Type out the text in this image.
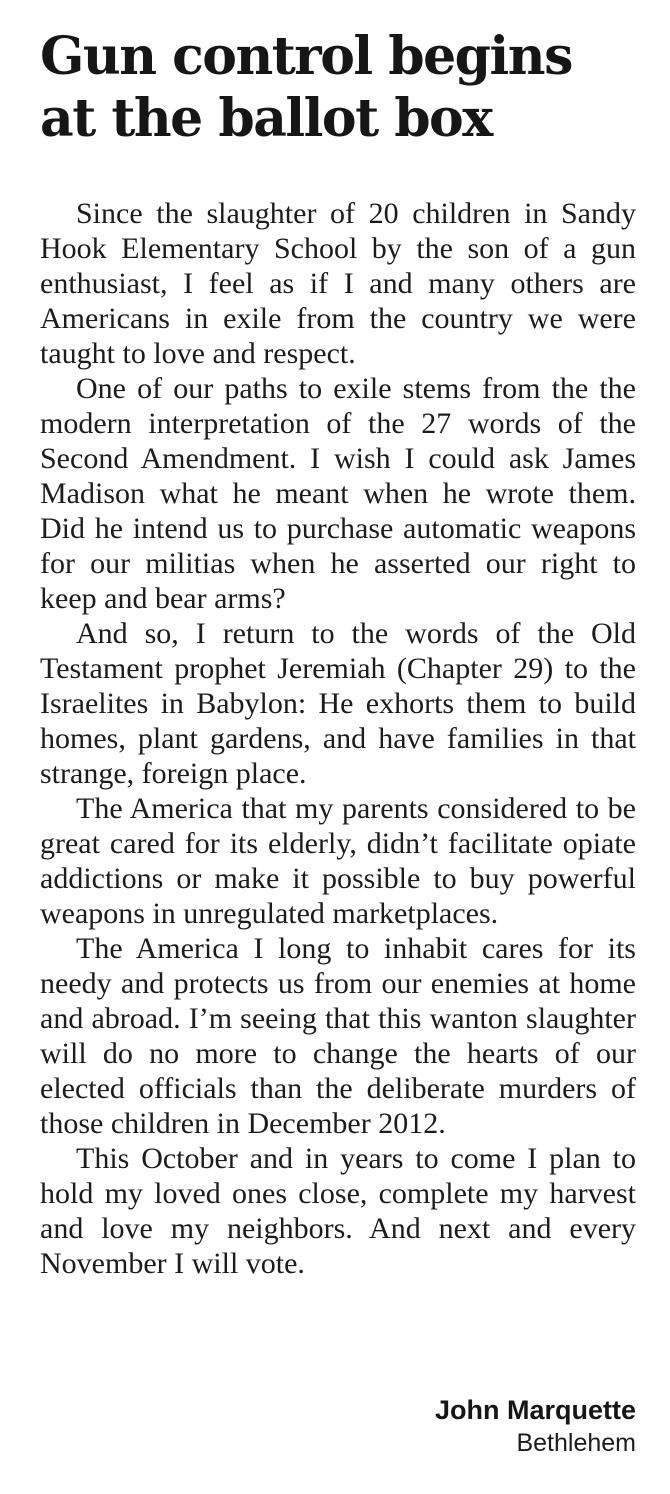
Gun control begins at the ballot box

Since the slaughter of 20 children in Sandy Hook Elementary School by the son of a gun enthusiast, I feel as if I and many others are Americans in exile from the country we were taught to love and respect.

One of our paths to exile stems from the the modern interpretation of the 27 words of the Second Amendment. I wish I could ask James Madison what he meant when he wrote them. Did he intend us to purchase automatic weapons for our militias when he asserted our right to keep and bear arms?

And so, I return to the words of the Old Testament prophet Jeremiah (Chapter 29) to the Israelites in Babylon: He exhorts them to build homes, plant gardens, and have families in that strange, foreign place.

The America that my parents considered to be great cared for its elderly, didn’t facilitate opiate addictions or make it possible to buy powerful weapons in unregulated marketplaces.

The America I long to inhabit cares for its needy and protects us from our enemies at home and abroad. I’m seeing that this wanton slaughter will do no more to change the hearts of our elected officials than the deliberate murders of those children in December 2012.

This October and in years to come I plan to hold my loved ones close, complete my harvest and love my neighbors. And next and every November I will vote.

John Marquette
Bethlehem
